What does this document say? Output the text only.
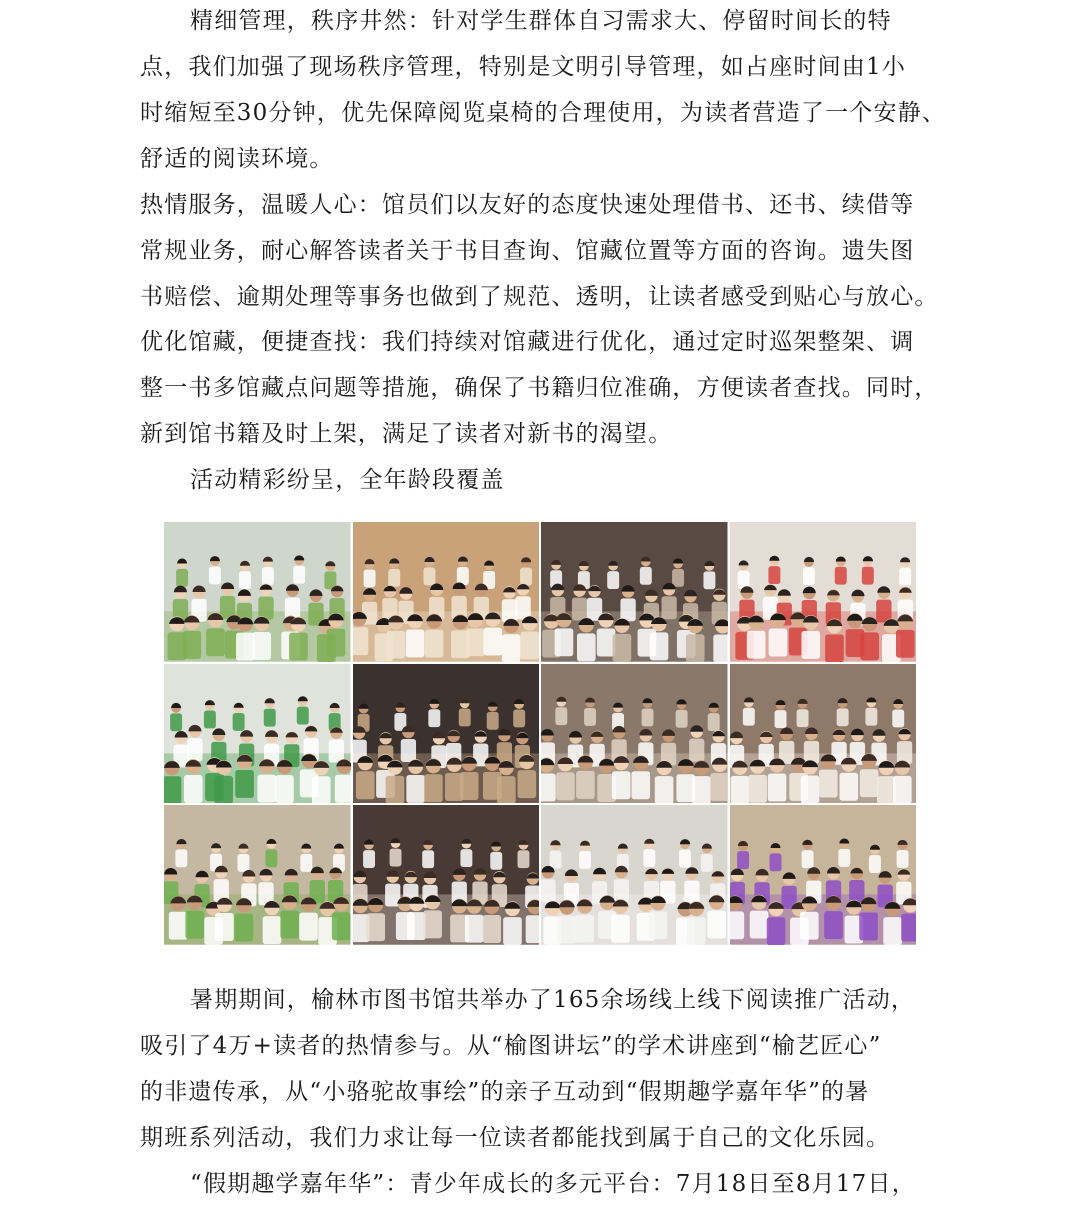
精细管理，秩序井然：针对学生群体自习需求大、停留时间长的特
点，我们加强了现场秩序管理，特别是文明引导管理，如占座时间由1小
时缩短至30分钟，优先保障阅览桌椅的合理使用，为读者营造了一个安静、
舒适的阅读环境。
热情服务，温暖人心：馆员们以友好的态度快速处理借书、还书、续借等
常规业务，耐心解答读者关于书目查询、馆藏位置等方面的咨询。遗失图
书赔偿、逾期处理等事务也做到了规范、透明，让读者感受到贴心与放心。
优化馆藏，便捷查找：我们持续对馆藏进行优化，通过定时巡架整架、调
整一书多馆藏点问题等措施，确保了书籍归位准确，方便读者查找。同时，
新到馆书籍及时上架，满足了读者对新书的渴望。
活动精彩纷呈，全年龄段覆盖
暑期期间，榆林市图书馆共举办了165余场线上线下阅读推广活动，
吸引了4万+读者的热情参与。从“榆图讲坛”的学术讲座到“榆艺匠心”
的非遗传承，从“小骆驼故事绘”的亲子互动到“假期趣学嘉年华”的暑
期班系列活动，我们力求让每一位读者都能找到属于自己的文化乐园。
“假期趣学嘉年华”：青少年成长的多元平台：7月18日至8月17日，
